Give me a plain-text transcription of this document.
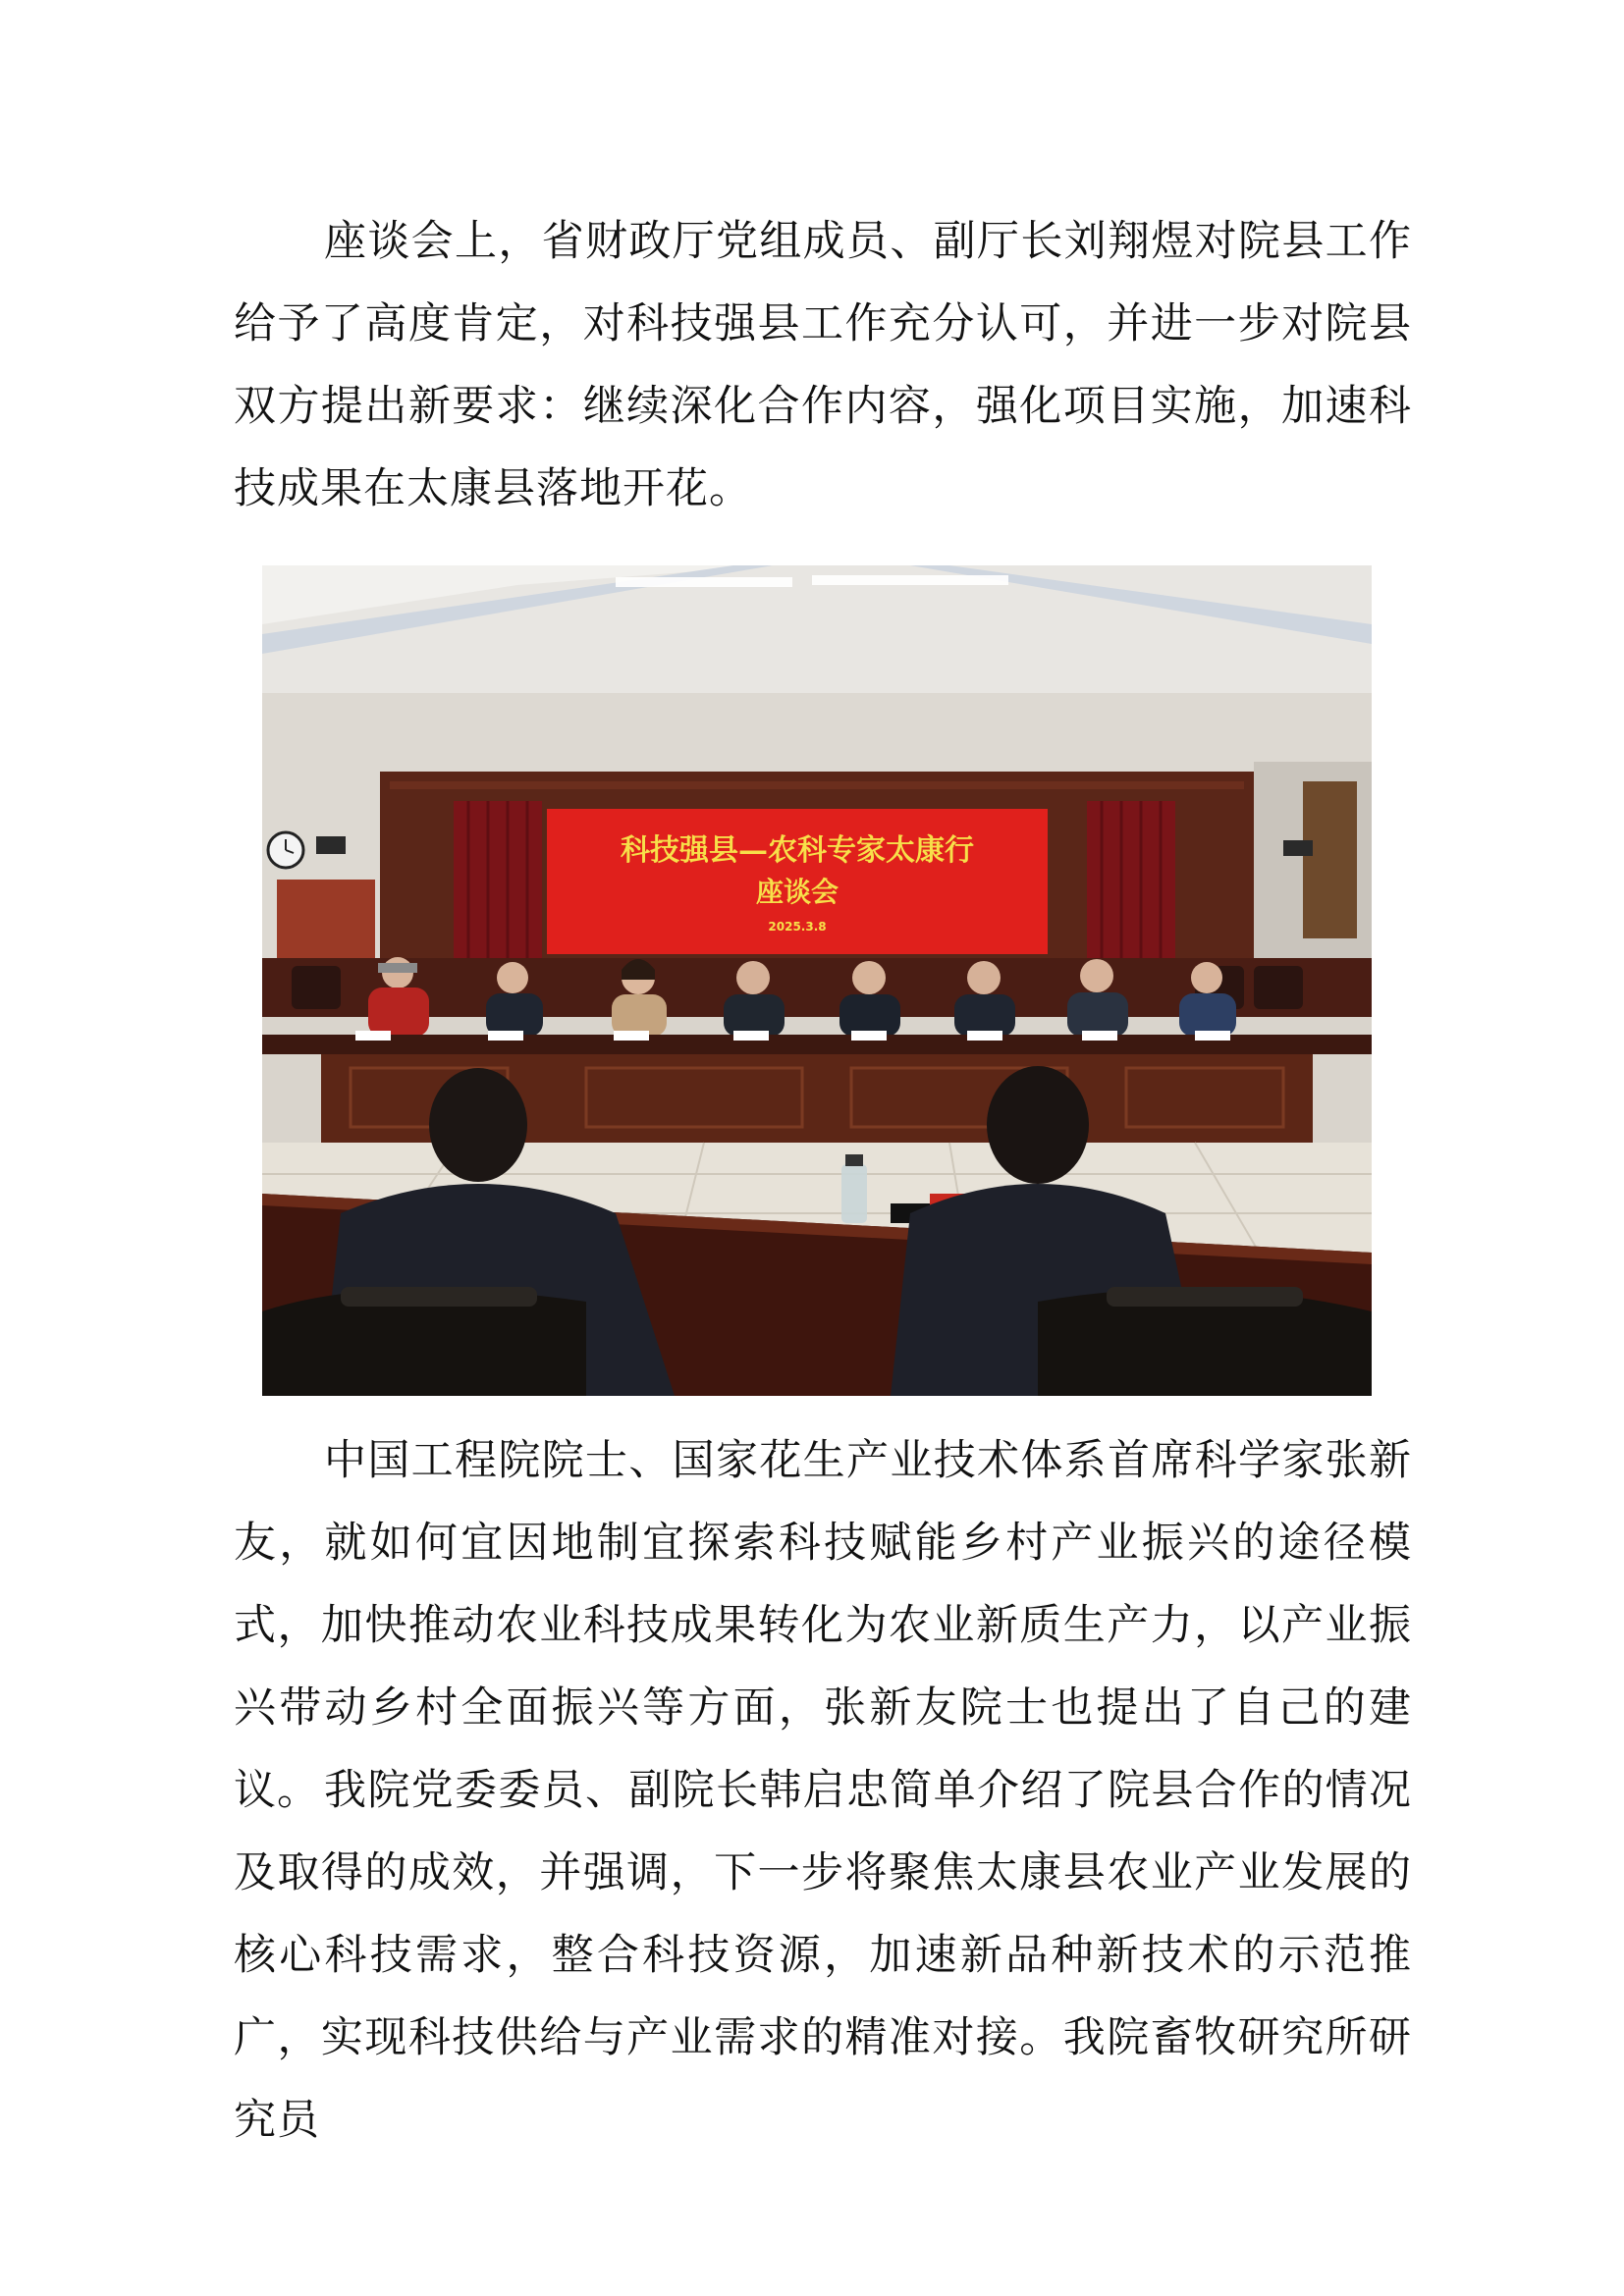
座谈会上，省财政厅党组成员、副厅长刘翔煜对院县工作给予了高度肯定，对科技强县工作充分认可，并进一步对院县双方提出新要求：继续深化合作内容，强化项目实施，加速科技成果在太康县落地开花。

科技强县—农科专家太康行
座谈会
2025.3.8

中国工程院院士、国家花生产业技术体系首席科学家张新友，就如何宜因地制宜探索科技赋能乡村产业振兴的途径模式，加快推动农业科技成果转化为农业新质生产力，以产业振兴带动乡村全面振兴等方面，张新友院士也提出了自己的建议。 我院党委委员、副院长韩启忠简单介绍了院县合作的情况及取得的成效，并强调，下一步将聚焦太康县农业产业发展的核心科技需求，整合科技资源，加速新品种新技术的示范推广，实现科技供给与产业需求的精准对接。我院畜牧研究所研究员
